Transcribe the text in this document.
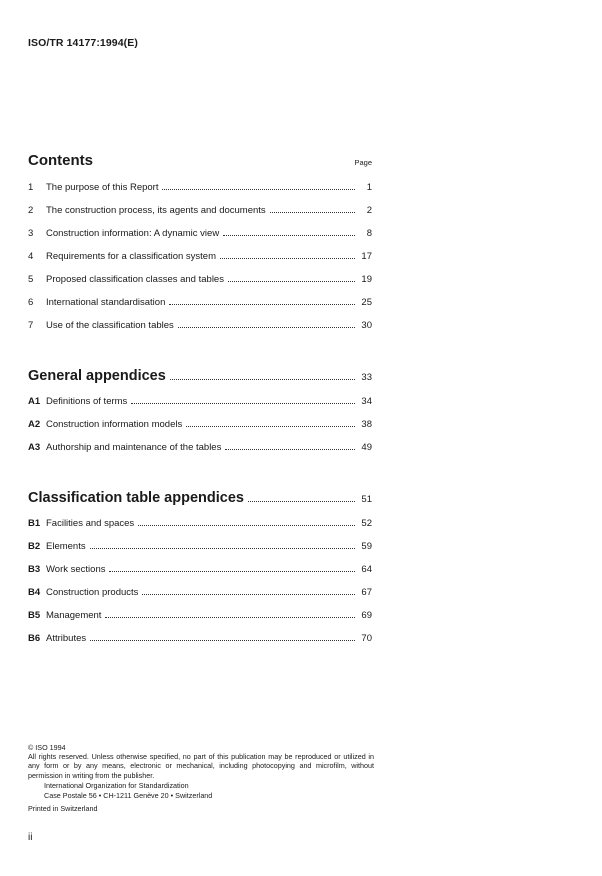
ISO/TR 14177:1994(E)
Contents	Page
1	The purpose of this Report	1
2	The construction process, its agents and documents	2
3	Construction information: A dynamic view	8
4	Requirements for a classification system	17
5	Proposed classification classes and tables	19
6	International standardisation	25
7	Use of the classification tables	30
General appendices	33
A1 Definitions of terms	34
A2 Construction information models	38
A3 Authorship and maintenance of the tables	49
Classification table appendices	51
B1 Facilities and spaces	52
B2 Elements	59
B3 Work sections	64
B4 Construction products	67
B5 Management	69
B6 Attributes	70
© ISO 1994
All rights reserved. Unless otherwise specified, no part of this publication may be reproduced or utilized in any form or by any means, electronic or mechanical, including photocopying and microfilm, without permission in writing from the publisher.
International Organization for Standardization
Case Postale 56 • CH-1211 Genève 20 • Switzerland
Printed in Switzerland
ii
